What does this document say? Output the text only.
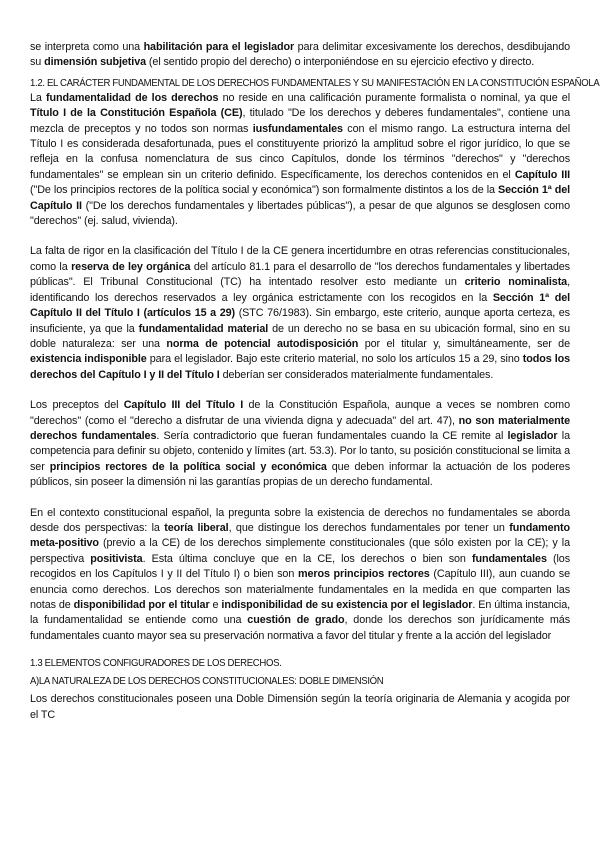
se interpreta como una habilitación para el legislador para delimitar excesivamente los derechos, desdibujando su dimensión subjetiva (el sentido propio del derecho) o interponiéndose en su ejercicio efectivo y directo.

1.2. EL CARÁCTER FUNDAMENTAL DE LOS DERECHOS FUNDAMENTALES Y SU MANIFESTACIÓN EN LA CONSTITUCIÓN ESPAÑOLA

La fundamentalidad de los derechos no reside en una calificación puramente formalista o nominal, ya que el Título I de la Constitución Española (CE), titulado "De los derechos y deberes fundamentales", contiene una mezcla de preceptos y no todos son normas iusfundamentales con el mismo rango. La estructura interna del Título I es considerada desafortunada, pues el constituyente priorizó la amplitud sobre el rigor jurídico, lo que se refleja en la confusa nomenclatura de sus cinco Capítulos, donde los términos "derechos" y "derechos fundamentales" se emplean sin un criterio definido. Específicamente, los derechos contenidos en el Capítulo III ("De los principios rectores de la política social y económica") son formalmente distintos a los de la Sección 1ª del Capítulo II ("De los derechos fundamentales y libertades públicas"), a pesar de que algunos se desglosen como "derechos" (ej. salud, vivienda).

La falta de rigor en la clasificación del Título I de la CE genera incertidumbre en otras referencias constitucionales, como la reserva de ley orgánica del artículo 81.1 para el desarrollo de "los derechos fundamentales y libertades públicas". El Tribunal Constitucional (TC) ha intentado resolver esto mediante un criterio nominalista, identificando los derechos reservados a ley orgánica estrictamente con los recogidos en la Sección 1ª del Capítulo II del Título I (artículos 15 a 29) (STC 76/1983). Sin embargo, este criterio, aunque aporta certeza, es insuficiente, ya que la fundamentalidad material de un derecho no se basa en su ubicación formal, sino en su doble naturaleza: ser una norma de potencial autodisposición por el titular y, simultáneamente, ser de existencia indisponible para el legislador. Bajo este criterio material, no solo los artículos 15 a 29, sino todos los derechos del Capítulo I y II del Título I deberían ser considerados materialmente fundamentales.

Los preceptos del Capítulo III del Título I de la Constitución Española, aunque a veces se nombren como "derechos" (como el "derecho a disfrutar de una vivienda digna y adecuada" del art. 47), no son materialmente derechos fundamentales. Sería contradictorio que fueran fundamentales cuando la CE remite al legislador la competencia para definir su objeto, contenido y límites (art. 53.3). Por lo tanto, su posición constitucional se limita a ser principios rectores de la política social y económica que deben informar la actuación de los poderes públicos, sin poseer la dimensión ni las garantías propias de un derecho fundamental.

En el contexto constitucional español, la pregunta sobre la existencia de derechos no fundamentales se aborda desde dos perspectivas: la teoría liberal, que distingue los derechos fundamentales por tener un fundamento meta-positivo (previo a la CE) de los derechos simplemente constitucionales (que sólo existen por la CE); y la perspectiva positivista. Esta última concluye que en la CE, los derechos o bien son fundamentales (los recogidos en los Capítulos I y II del Título I) o bien son meros principios rectores (Capítulo III), aun cuando se enuncia como derechos. Los derechos son materialmente fundamentales en la medida en que comparten las notas de disponibilidad por el titular e indisponibilidad de su existencia por el legislador. En última instancia, la fundamentalidad se entiende como una cuestión de grado, donde los derechos son jurídicamente más fundamentales cuanto mayor sea su preservación normativa a favor del titular y frente a la acción del legislador

1.3 ELEMENTOS CONFIGURADORES DE LOS DERECHOS.
A)LA NATURALEZA DE LOS DERECHOS CONSTITUCIONALES: DOBLE DIMENSIÓN

Los derechos constitucionales poseen una Doble Dimensión según la teoría originaria de Alemania y acogida por el TC
